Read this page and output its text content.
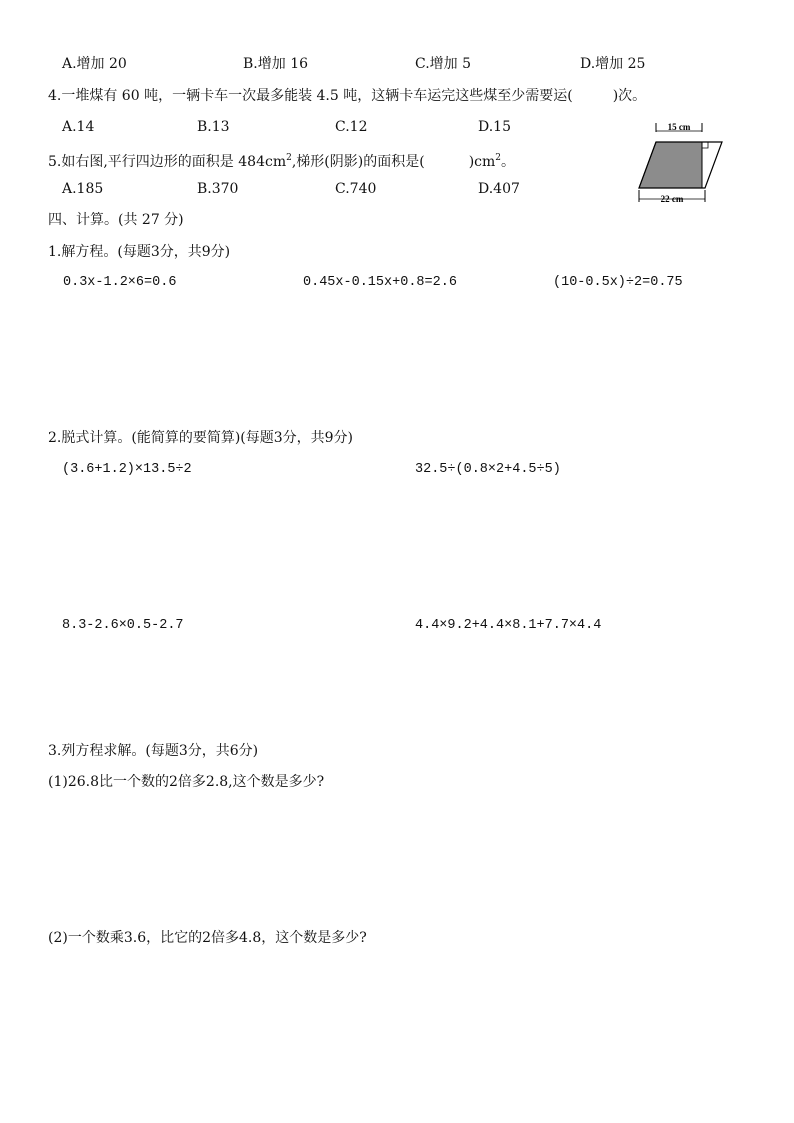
A.增加 20	B.增加 16	C.增加 5	D.增加 25
4.一堆煤有 60 吨，一辆卡车一次最多能装 4.5 吨，这辆卡车运完这些煤至少需要运(	)次。
A.14	B.13	C.12	D.15
5.如右图,平行四边形的面积是 $484cm^2$,梯形(阴影)的面积是(	)$cm^2$。
A.185	B.370	C.740	D.407
15 cm
22 cm
四、计算。(共 27 分)
1.解方程。(每题3分，共9分)
0.3x-1.2×6=0.6	0.45x-0.15x+0.8=2.6	(10-0.5x)÷2=0.75
2.脱式计算。(能简算的要简算)(每题3分，共9分)
(3.6+1.2)×13.5÷2	32.5÷(0.8×2+4.5÷5)
8.3-2.6×0.5-2.7	4.4×9.2+4.4×8.1+7.7×4.4
3.列方程求解。(每题3分，共6分)
(1)26.8比一个数的2倍多2.8,这个数是多少?
(2)一个数乘3.6，比它的2倍多4.8，这个数是多少?
